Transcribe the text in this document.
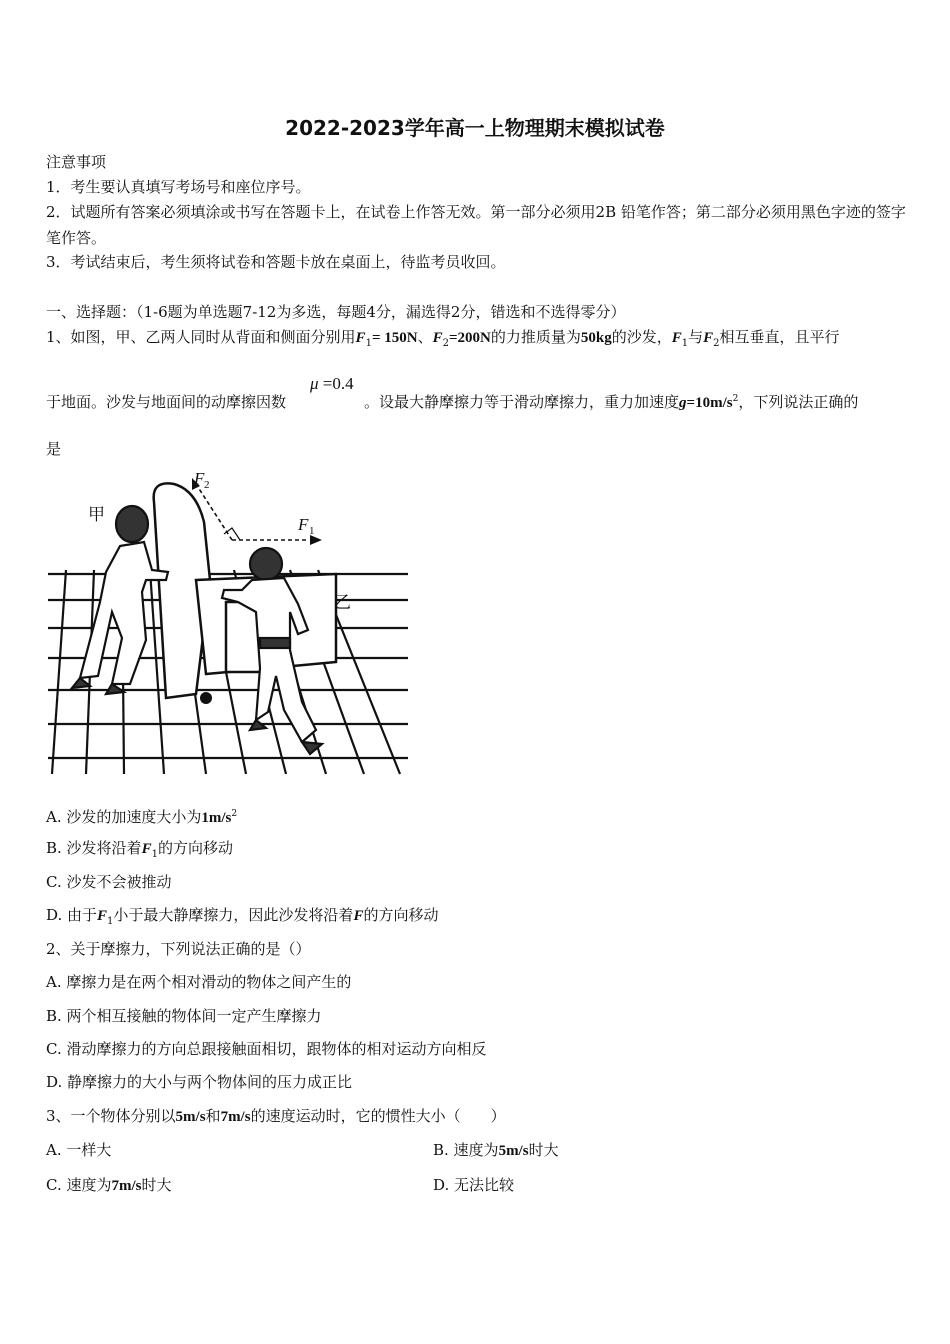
2022-2023学年高一上物理期末模拟试卷
注意事项
1．考生要认真填写考场号和座位序号。
2．试题所有答案必须填涂或书写在答题卡上，在试卷上作答无效。第一部分必须用2B 铅笔作答；第二部分必须用黑色字迹的签字笔作答。
3．考试结束后，考生须将试卷和答题卡放在桌面上，待监考员收回。
一、选择题：（1-6题为单选题7-12为多选，每题4分，漏选得2分，错选和不选得零分）
1、如图，甲、乙两人同时从背面和侧面分别用$F_1= 150N$、$F_2=200N$的力推质量为50kg的沙发，$F_1$与$F_2$相互垂直，且平行
μ =0.4
于地面。沙发与地面间的动摩擦因数	。设最大静摩擦力等于滑动摩擦力，重力加速度$g=10m/s^2$，下列说法正确的
是
甲
乙
F 2
F 1
A. 沙发的加速度大小为$1m/s^2$
B. 沙发将沿着$F_1$的方向移动
C. 沙发不会被推动
D. 由于$F_1$小于最大静摩擦力，因此沙发将沿着F的方向移动
2、关于摩擦力，下列说法正确的是（）
A. 摩擦力是在两个相对滑动的物体之间产生的
B. 两个相互接触的物体间一定产生摩擦力
C. 滑动摩擦力的方向总跟接触面相切，跟物体的相对运动方向相反
D. 静摩擦力的大小与两个物体间的压力成正比
3、一个物体分别以5m/s和7m/s的速度运动时，它的惯性大小（　　）
A. 一样大	B. 速度为5m/s时大
C. 速度为7m/s时大	D. 无法比较
